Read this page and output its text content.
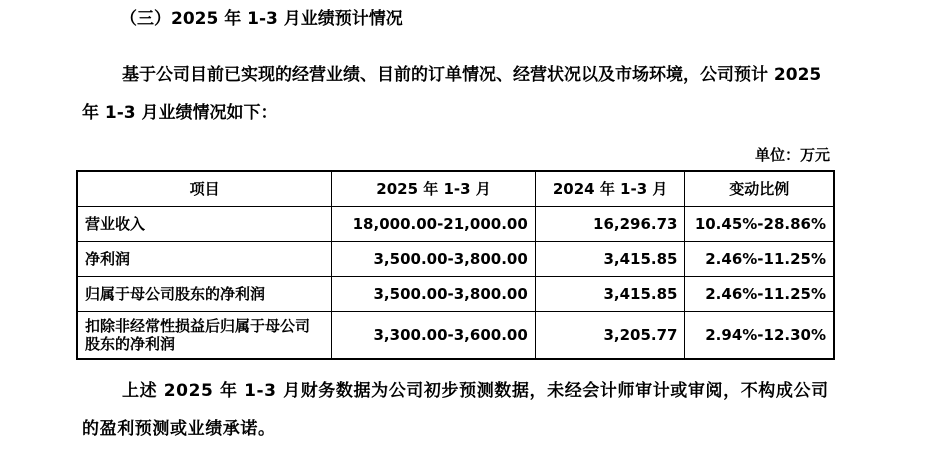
（三）2025 年 1-3 月业绩预计情况

基于公司目前已实现的经营业绩、目前的订单情况、经营状况以及市场环境，公司预计 2025 年 1-3 月业绩情况如下：

单位：万元
项目	2025 年 1-3 月	2024 年 1-3 月	变动比例
营业收入	18,000.00-21,000.00	16,296.73	10.45%-28.86%
净利润	3,500.00-3,800.00	3,415.85	2.46%-11.25%
归属于母公司股东的净利润	3,500.00-3,800.00	3,415.85	2.46%-11.25%
扣除非经常性损益后归属于母公司股东的净利润	3,300.00-3,600.00	3,205.77	2.94%-12.30%

上述 2025 年 1-3 月财务数据为公司初步预测数据，未经会计师审计或审阅，不构成公司的盈利预测或业绩承诺。
